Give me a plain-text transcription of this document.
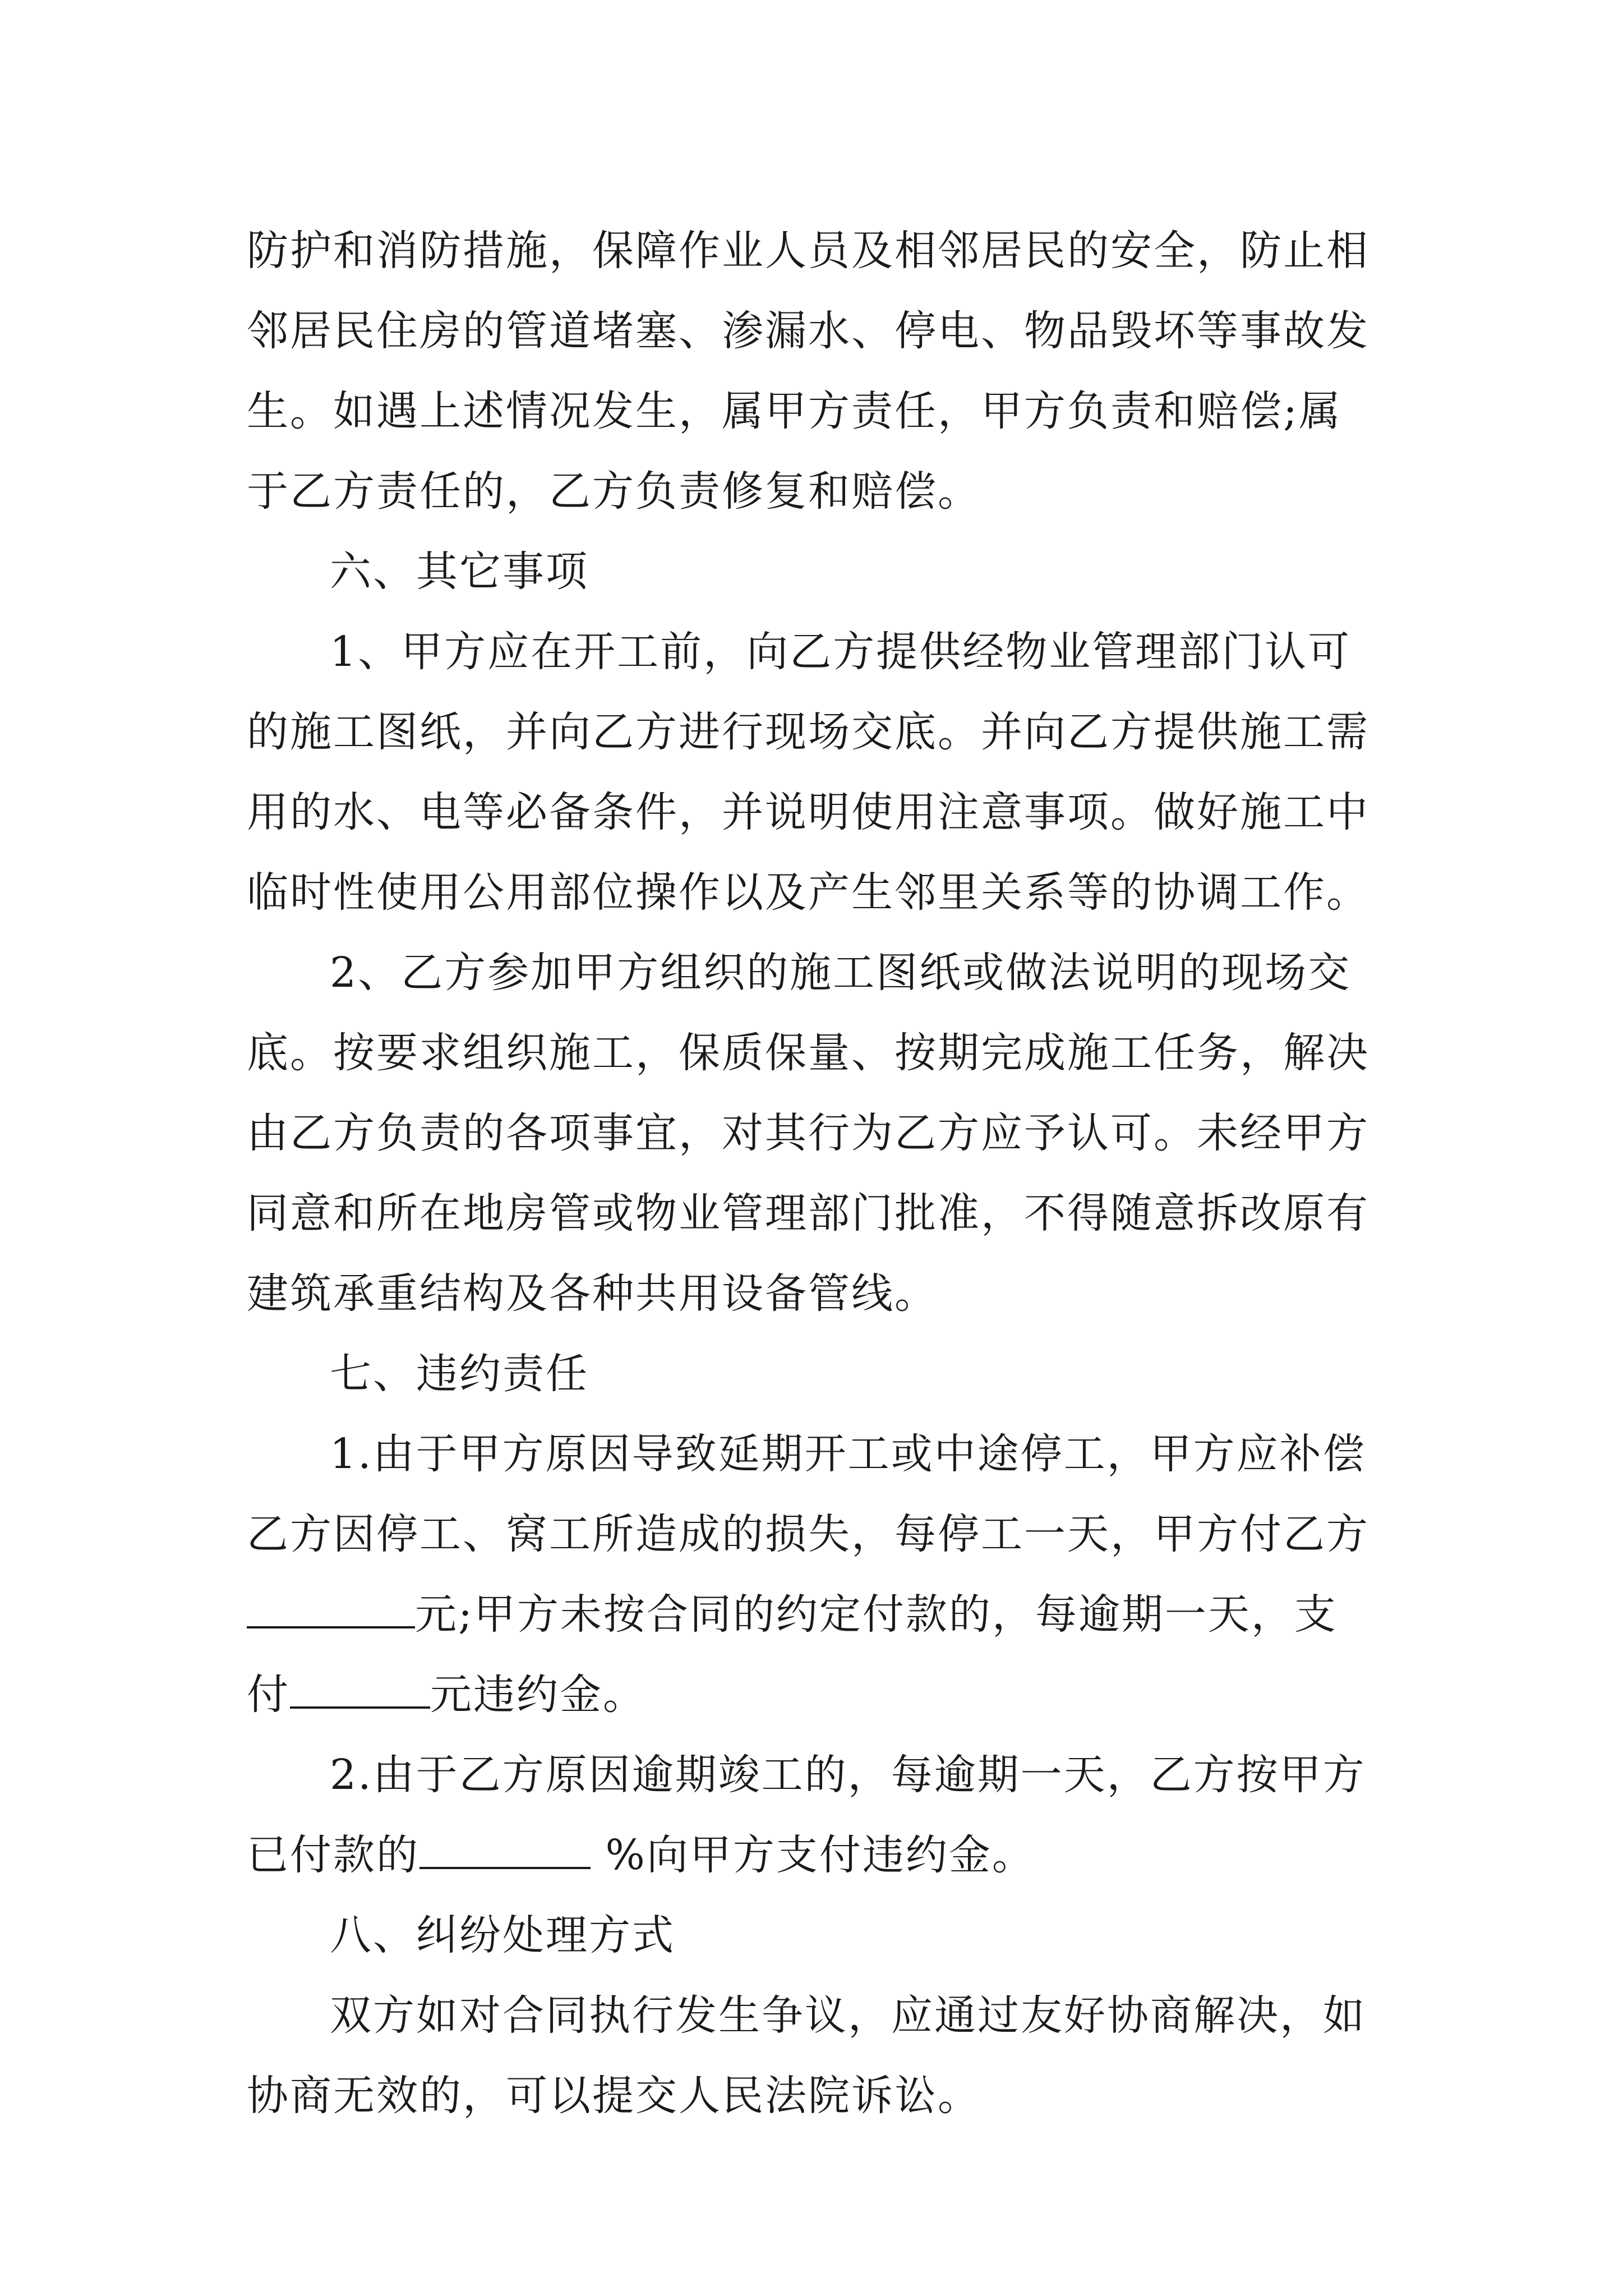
防护和消防措施，保障作业人员及相邻居民的安全，防止相
邻居民住房的管道堵塞、渗漏水、停电、物品毁坏等事故发
生。如遇上述情况发生，属甲方责任，甲方负责和赔偿;属
于乙方责任的，乙方负责修复和赔偿。
六、其它事项
1、甲方应在开工前，向乙方提供经物业管理部门认可
的施工图纸，并向乙方进行现场交底。并向乙方提供施工需
用的水、电等必备条件，并说明使用注意事项。做好施工中
临时性使用公用部位操作以及产生邻里关系等的协调工作。
2、乙方参加甲方组织的施工图纸或做法说明的现场交
底。按要求组织施工，保质保量、按期完成施工任务，解决
由乙方负责的各项事宜，对其行为乙方应予认可。未经甲方
同意和所在地房管或物业管理部门批准，不得随意拆改原有
建筑承重结构及各种共用设备管线。
七、违约责任
1.由于甲方原因导致延期开工或中途停工，甲方应补偿
乙方因停工、窝工所造成的损失，每停工一天，甲方付乙方
元;甲方未按合同的约定付款的，每逾期一天，支
付	元违约金。
2.由于乙方原因逾期竣工的，每逾期一天，乙方按甲方
已付款的	%向甲方支付违约金。
八、纠纷处理方式
双方如对合同执行发生争议，应通过友好协商解决，如
协商无效的，可以提交人民法院诉讼。
